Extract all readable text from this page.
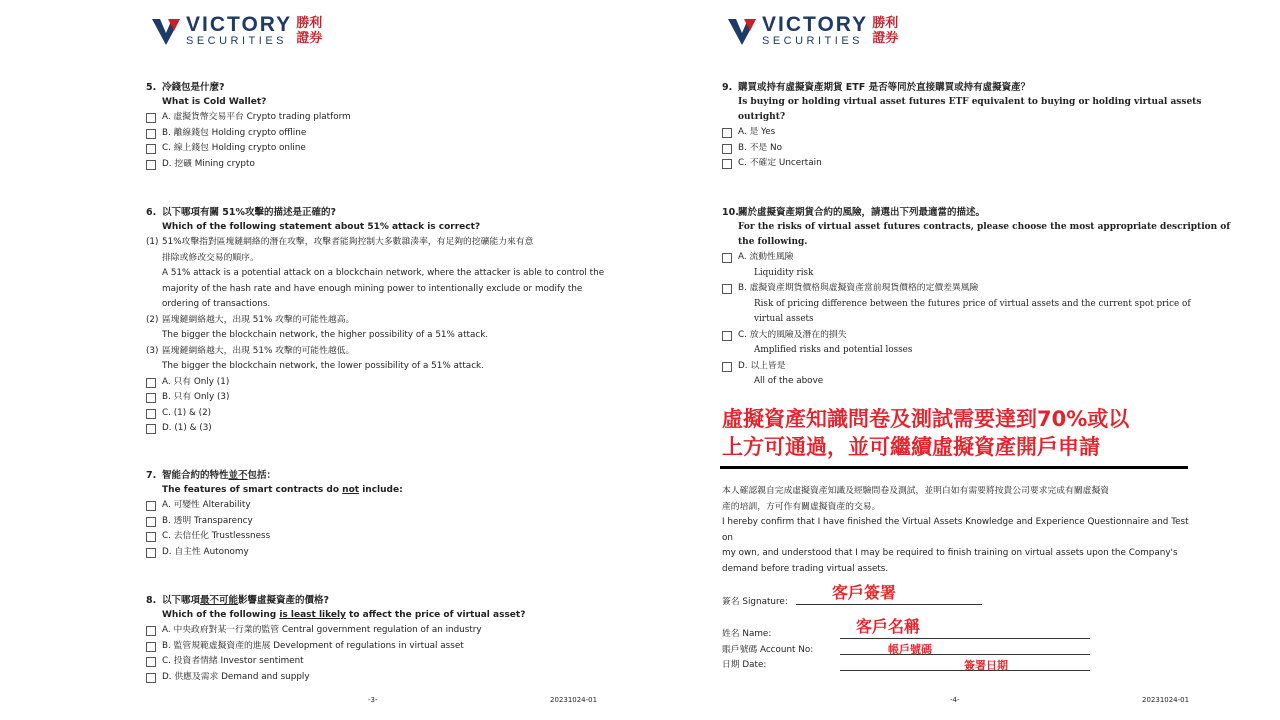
VICTORY
SECURITIES
勝利
證券
5. 冷錢包是什麼?
What is Cold Wallet?
A. 虛擬貨幣交易平台 Crypto trading platform
B. 離線錢包 Holding crypto offline
C. 線上錢包 Holding crypto online
D. 挖礦 Mining crypto
6. 以下哪項有關 51%攻擊的描述是正確的?
Which of the following statement about 51% attack is correct?
(1) 51%攻擊指對區塊鏈網絡的潛在攻擊，攻擊者能夠控制大多數雜湊率，有足夠的挖礦能力來有意
排除或修改交易的順序。
A 51% attack is a potential attack on a blockchain network, where the attacker is able to control the
majority of the hash rate and have enough mining power to intentionally exclude or modify the
ordering of transactions.
(2) 區塊鏈網絡越大，出現 51% 攻擊的可能性越高。
The bigger the blockchain network, the higher possibility of a 51% attack.
(3) 區塊鏈網絡越大，出現 51% 攻擊的可能性越低。
The bigger the blockchain network, the lower possibility of a 51% attack.
A. 只有 Only (1)
B. 只有 Only (3)
C. (1) & (2)
D. (1) & (3)
7. 智能合約的特性並不包括：
The features of smart contracts do not include:
A. 可變性 Alterability
B. 透明 Transparency
C. 去信任化 Trustlessness
D. 自主性 Autonomy
8. 以下哪項最不可能影響虛擬資產的價格?
Which of the following is least likely to affect the price of virtual asset?
A. 中央政府對某一行業的監管 Central government regulation of an industry
B. 監管規範虛擬資產的進展 Development of regulations in virtual asset
C. 投資者情緒 Investor sentiment
D. 供應及需求 Demand and supply
-3-	20231024-01
VICTORY
SECURITIES
勝利
證券
9. 購買或持有虛擬資產期貨 ETF 是否等同於直接購買或持有虛擬資產？
Is buying or holding virtual asset futures ETF equivalent to buying or holding virtual assets
outright?
A. 是 Yes
B. 不是 No
C. 不確定 Uncertain
10.關於虛擬資產期貨合約的風險，請選出下列最適當的描述。
For the risks of virtual asset futures contracts, please choose the most appropriate description of
the following.
A. 流動性風險
Liquidity risk
B. 虛擬資產期貨價格與虛擬資產當前現貨價格的定價差異風險
Risk of pricing difference between the futures price of virtual assets and the current spot price of
virtual assets
C. 放大的風險及潛在的損失
Amplified risks and potential losses
D. 以上皆是
All of the above
虛擬資產知識問卷及測試需要達到70%或以
上方可通過，並可繼續虛擬資產開戶申請
本人確認親自完成虛擬資產知識及經驗問卷及測試，並明白如有需要將按貴公司要求完成有關虛擬資
產的培訓，方可作有關虛擬資產的交易。
I hereby confirm that I have finished the Virtual Assets Knowledge and Experience Questionnaire and Test on
my own, and understood that I may be required to finish training on virtual assets upon the Company's
demand before trading virtual assets.
簽名 Signature:	客戶簽署
姓名 Name:	客戶名稱
賬戶號碼 Account No:	帳戶號碼
日期 Date:	簽署日期
-4-	20231024-01
